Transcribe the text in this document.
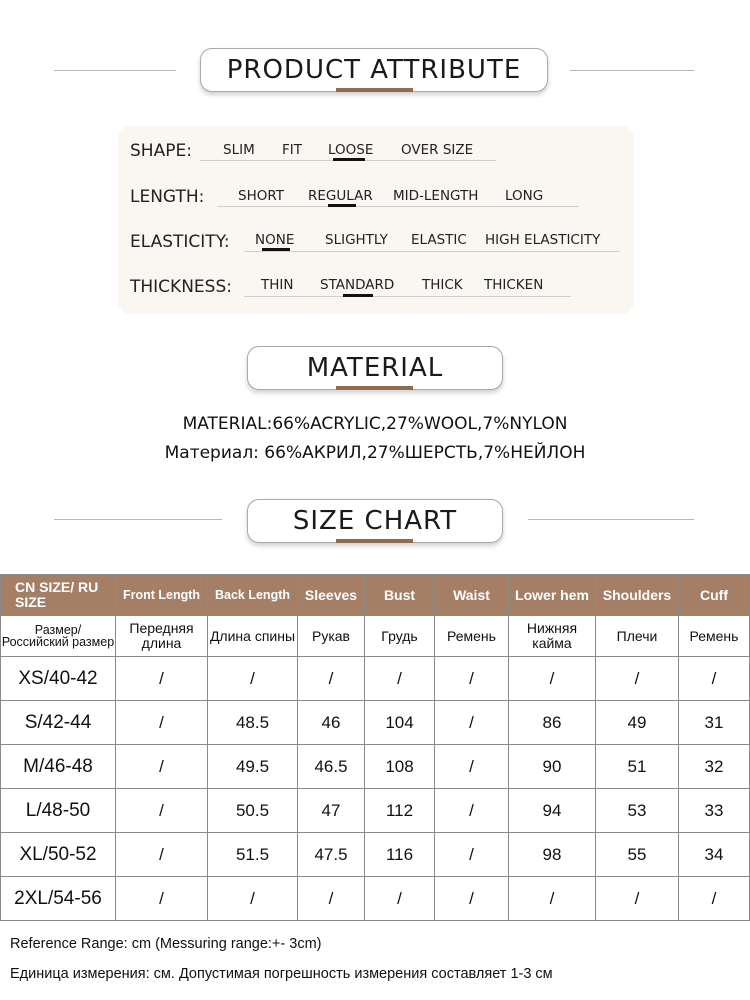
PRODUCT ATTRIBUTE
SHAPE: SLIM FIT LOOSE OVER SIZE
LENGTH: SHORT REGULAR MID-LENGTH LONG
ELASTICITY: NONE SLIGHTLY ELASTIC HIGH ELASTICITY
THICKNESS: THIN STANDARD THICK THICKEN
MATERIAL
MATERIAL:66%ACRYLIC,27%WOOL,7%NYLON
Материал: 66%АКРИЛ,27%ШЕРСТЬ,7%НЕЙЛОН
SIZE CHART
CN SIZE/ RU SIZE	Front Length	Back Length	Sleeves	Bust	Waist	Lower hem	Shoulders	Cuff
Размер/ Российский размер	Передняя длина	Длина спины	Рукав	Грудь	Ремень	Нижняя кайма	Плечи	Ремень
XS/40-42	/	/	/	/	/	/	/	/
S/42-44	/	48.5	46	104	/	86	49	31
M/46-48	/	49.5	46.5	108	/	90	51	32
L/48-50	/	50.5	47	112	/	94	53	33
XL/50-52	/	51.5	47.5	116	/	98	55	34
2XL/54-56	/	/	/	/	/	/	/	/
Reference Range: cm (Messuring range:+- 3cm)
Единица измерения: см. Допустимая погрешность измерения составляет 1-3 см
